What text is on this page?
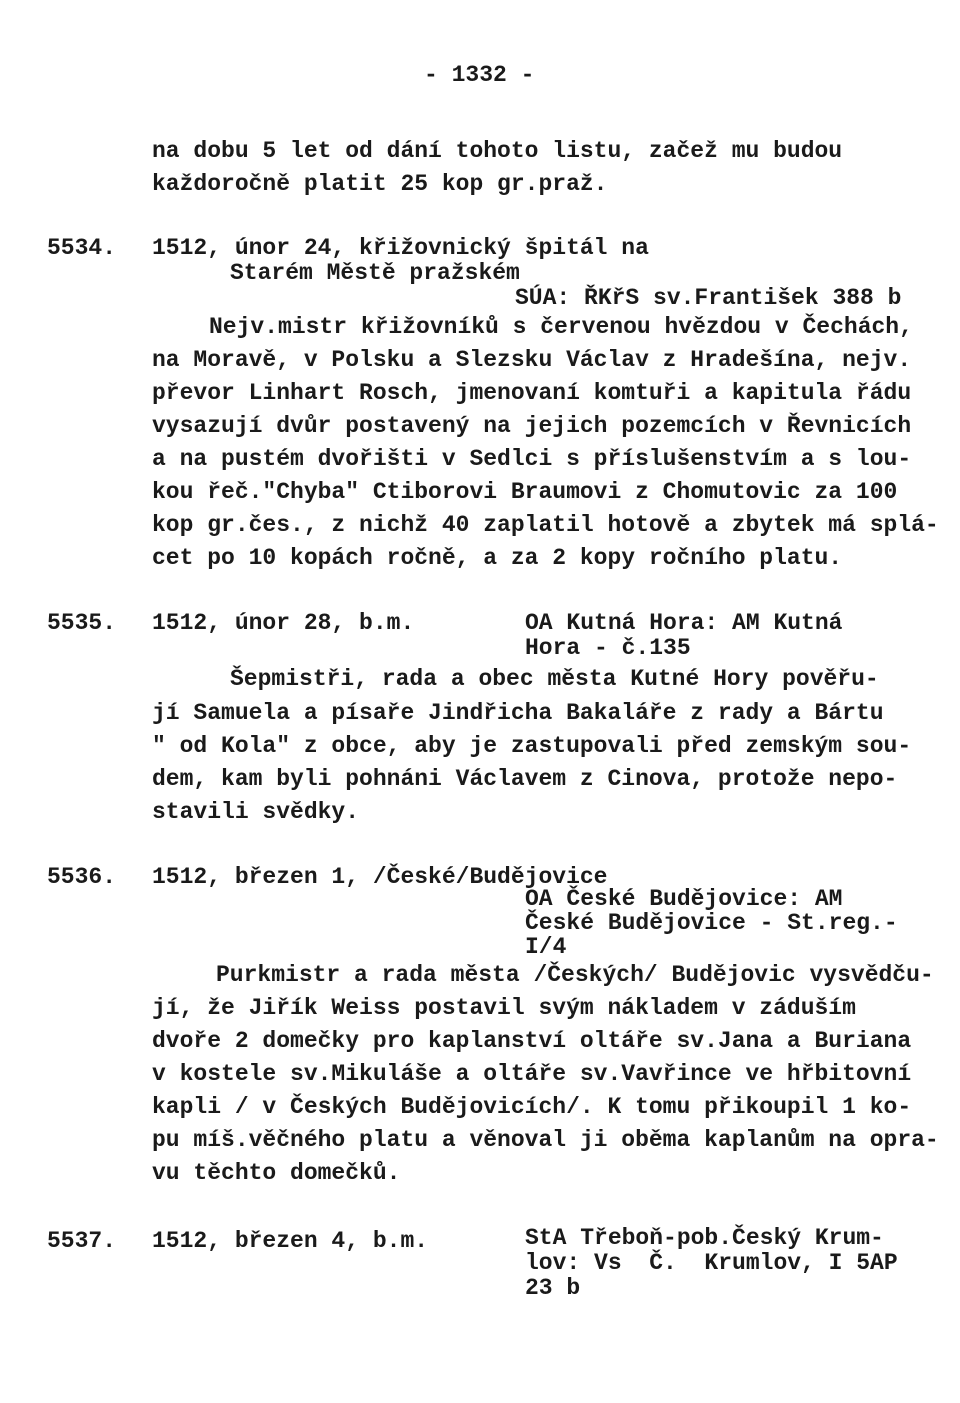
- 1332 -
na dobu 5 let od dání tohoto listu, začež mu budou
každoročně platit 25 kop gr.praž.
5534. 1512, únor 24, křižovnický špitál na
Starém Městě pražském
SÚA: ŘKřS sv.František 388 b
Nejv.mistr křižovníků s červenou hvězdou v Čechách,
na Moravě, v Polsku a Slezsku Václav z Hradešína, nejv.
převor Linhart Rosch, jmenovaní komtuři a kapitula řádu
vysazují dvůr postavený na jejich pozemcích v Řevnicích
a na pustém dvořišti v Sedlci s příslušenstvím a s lou-
kou řeč."Chyba" Ctiborovi Braumovi z Chomutovic za 100
kop gr.čes., z nichž 40 zaplatil hotově a zbytek má splá-
cet po 10 kopách ročně, a za 2 kopy ročního platu.
5535. 1512, únor 28, b.m.	OA Kutná Hora: AM Kutná
Hora - č.135
Šepmistři, rada a obec města Kutné Hory pověřu-
jí Samuela a písaře Jindřicha Bakaláře z rady a Bártu
" od Kola" z obce, aby je zastupovali před zemským sou-
dem, kam byli pohnáni Václavem z Cinova, protože nepo-
stavili svědky.
5536. 1512, březen 1, /České/Budějovice
OA České Budějovice: AM
České Budějovice - St.reg.-
I/4
Purkmistr a rada města /Českých/ Budějovic vysvědču-
jí, že Jiřík Weiss postavil svým nákladem v záduším
dvoře 2 domečky pro kaplanství oltáře sv.Jana a Buriana
v kostele sv.Mikuláše a oltáře sv.Vavřince ve hřbitovní
kapli / v Českých Budějovicích/. K tomu přikoupil 1 ko-
pu míš.věčného platu a věnoval ji oběma kaplanům na opra-
vu těchto domečků.
5537. 1512, březen 4, b.m.	StA Třeboň-pob.Český Krum-
lov: Vs  Č.  Krumlov, I 5AP
23 b
